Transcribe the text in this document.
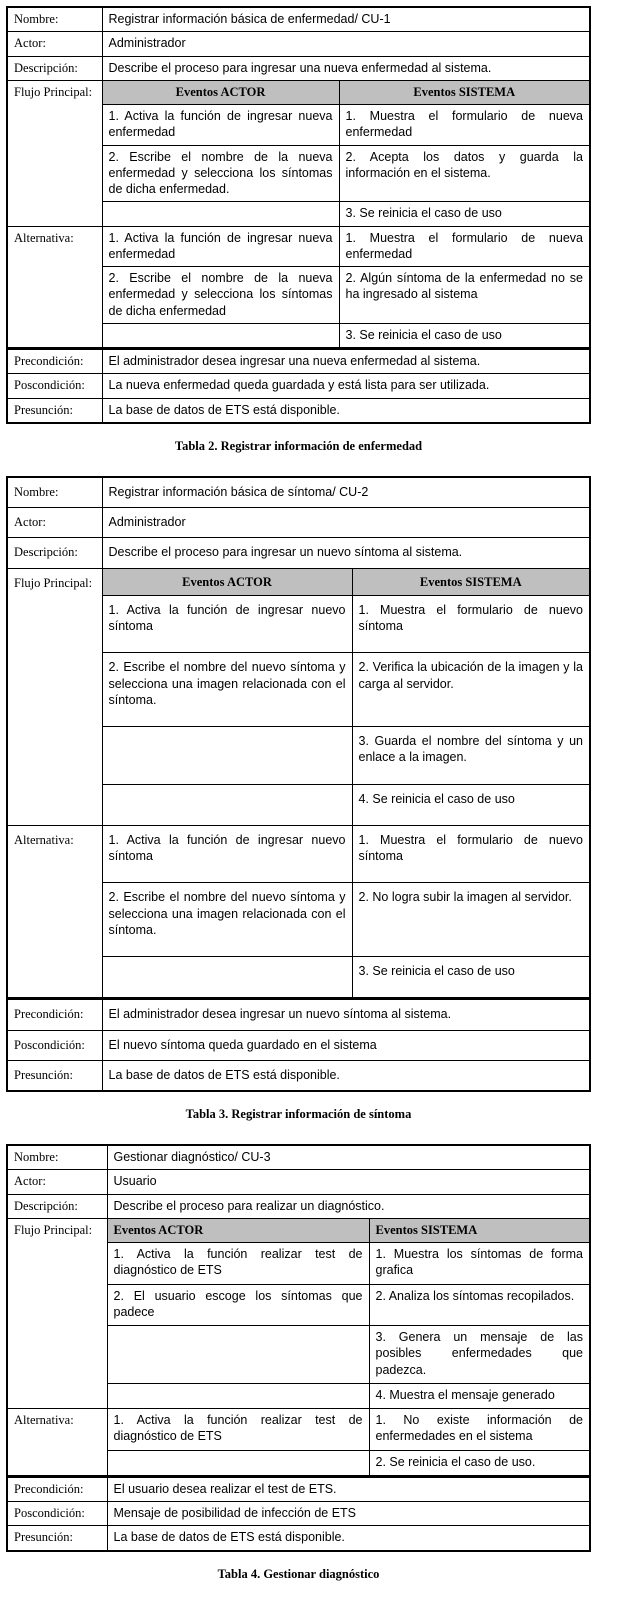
Nombre:	Registrar información básica de enfermedad/ CU-1	
Actor:	Administrador	
Descripción:	Describe el proceso para ingresar una nueva enfermedad al sistema.	
Flujo Principal:	Eventos ACTOR	Eventos SISTEMA
	1. Activa la función de ingresar nueva enfermedad	1. Muestra el formulario de nueva enfermedad
	2. Escribe el nombre de la nueva enfermedad y selecciona los síntomas de dicha enfermedad.	2. Acepta los datos y guarda la información en el sistema.
		3. Se reinicia el caso de uso
Alternativa:	1. Activa la función de ingresar nueva enfermedad	1. Muestra el formulario de nueva enfermedad
	2. Escribe el nombre de la nueva enfermedad y selecciona los síntomas de dicha enfermedad	2. Algún síntoma de la enfermedad no se ha ingresado al sistema
		3. Se reinicia el caso de uso
Precondición:	El administrador desea ingresar una nueva enfermedad al sistema.	
Poscondición:	La nueva enfermedad queda guardada y está lista para ser utilizada.	
Presunción:	La base de datos de ETS está disponible.	
Tabla 2. Registrar información de enfermedad
Nombre:	Registrar información básica de síntoma/ CU-2	
Actor:	Administrador	
Descripción:	Describe el proceso para ingresar un nuevo síntoma al sistema.	
Flujo Principal:	Eventos ACTOR	Eventos SISTEMA
	1. Activa la función de ingresar nuevo síntoma	1. Muestra el formulario de nuevo síntoma
	2. Escribe el nombre del nuevo síntoma y selecciona una imagen relacionada con el síntoma.	2. Verifica la ubicación de la imagen y la carga al servidor.
		3. Guarda el nombre del síntoma y un enlace a la imagen.
		4. Se reinicia el caso de uso
Alternativa:	1. Activa la función de ingresar nuevo síntoma	1. Muestra el formulario de nuevo síntoma
	2. Escribe el nombre del nuevo síntoma y selecciona una imagen relacionada con el síntoma.	2. No logra subir la imagen al servidor.
		3. Se reinicia el caso de uso
Precondición:	El administrador desea ingresar un nuevo síntoma al sistema.	
Poscondición:	El nuevo síntoma queda guardado en el sistema	
Presunción:	La base de datos de ETS está disponible.	
Tabla 3. Registrar información de síntoma
Nombre:	Gestionar diagnóstico/ CU-3	
Actor:	Usuario	
Descripción:	Describe el proceso para realizar un diagnóstico.	
Flujo Principal:	Eventos ACTOR	Eventos SISTEMA
	1. Activa la función realizar test de diagnóstico de ETS	1. Muestra los síntomas de forma grafica
	2. El usuario escoge los síntomas que padece	2. Analiza los síntomas recopilados.
		3. Genera un mensaje de las posibles enfermedades que padezca.
		4. Muestra el mensaje generado
Alternativa:	1. Activa la función realizar test de diagnóstico de ETS	1. No existe información de enfermedades en el sistema
		2. Se reinicia el caso de uso.
Precondición:	El usuario desea realizar el test de ETS.	
Poscondición:	Mensaje de posibilidad de infección de ETS	
Presunción:	La base de datos de ETS está disponible.	
Tabla 4. Gestionar diagnóstico
